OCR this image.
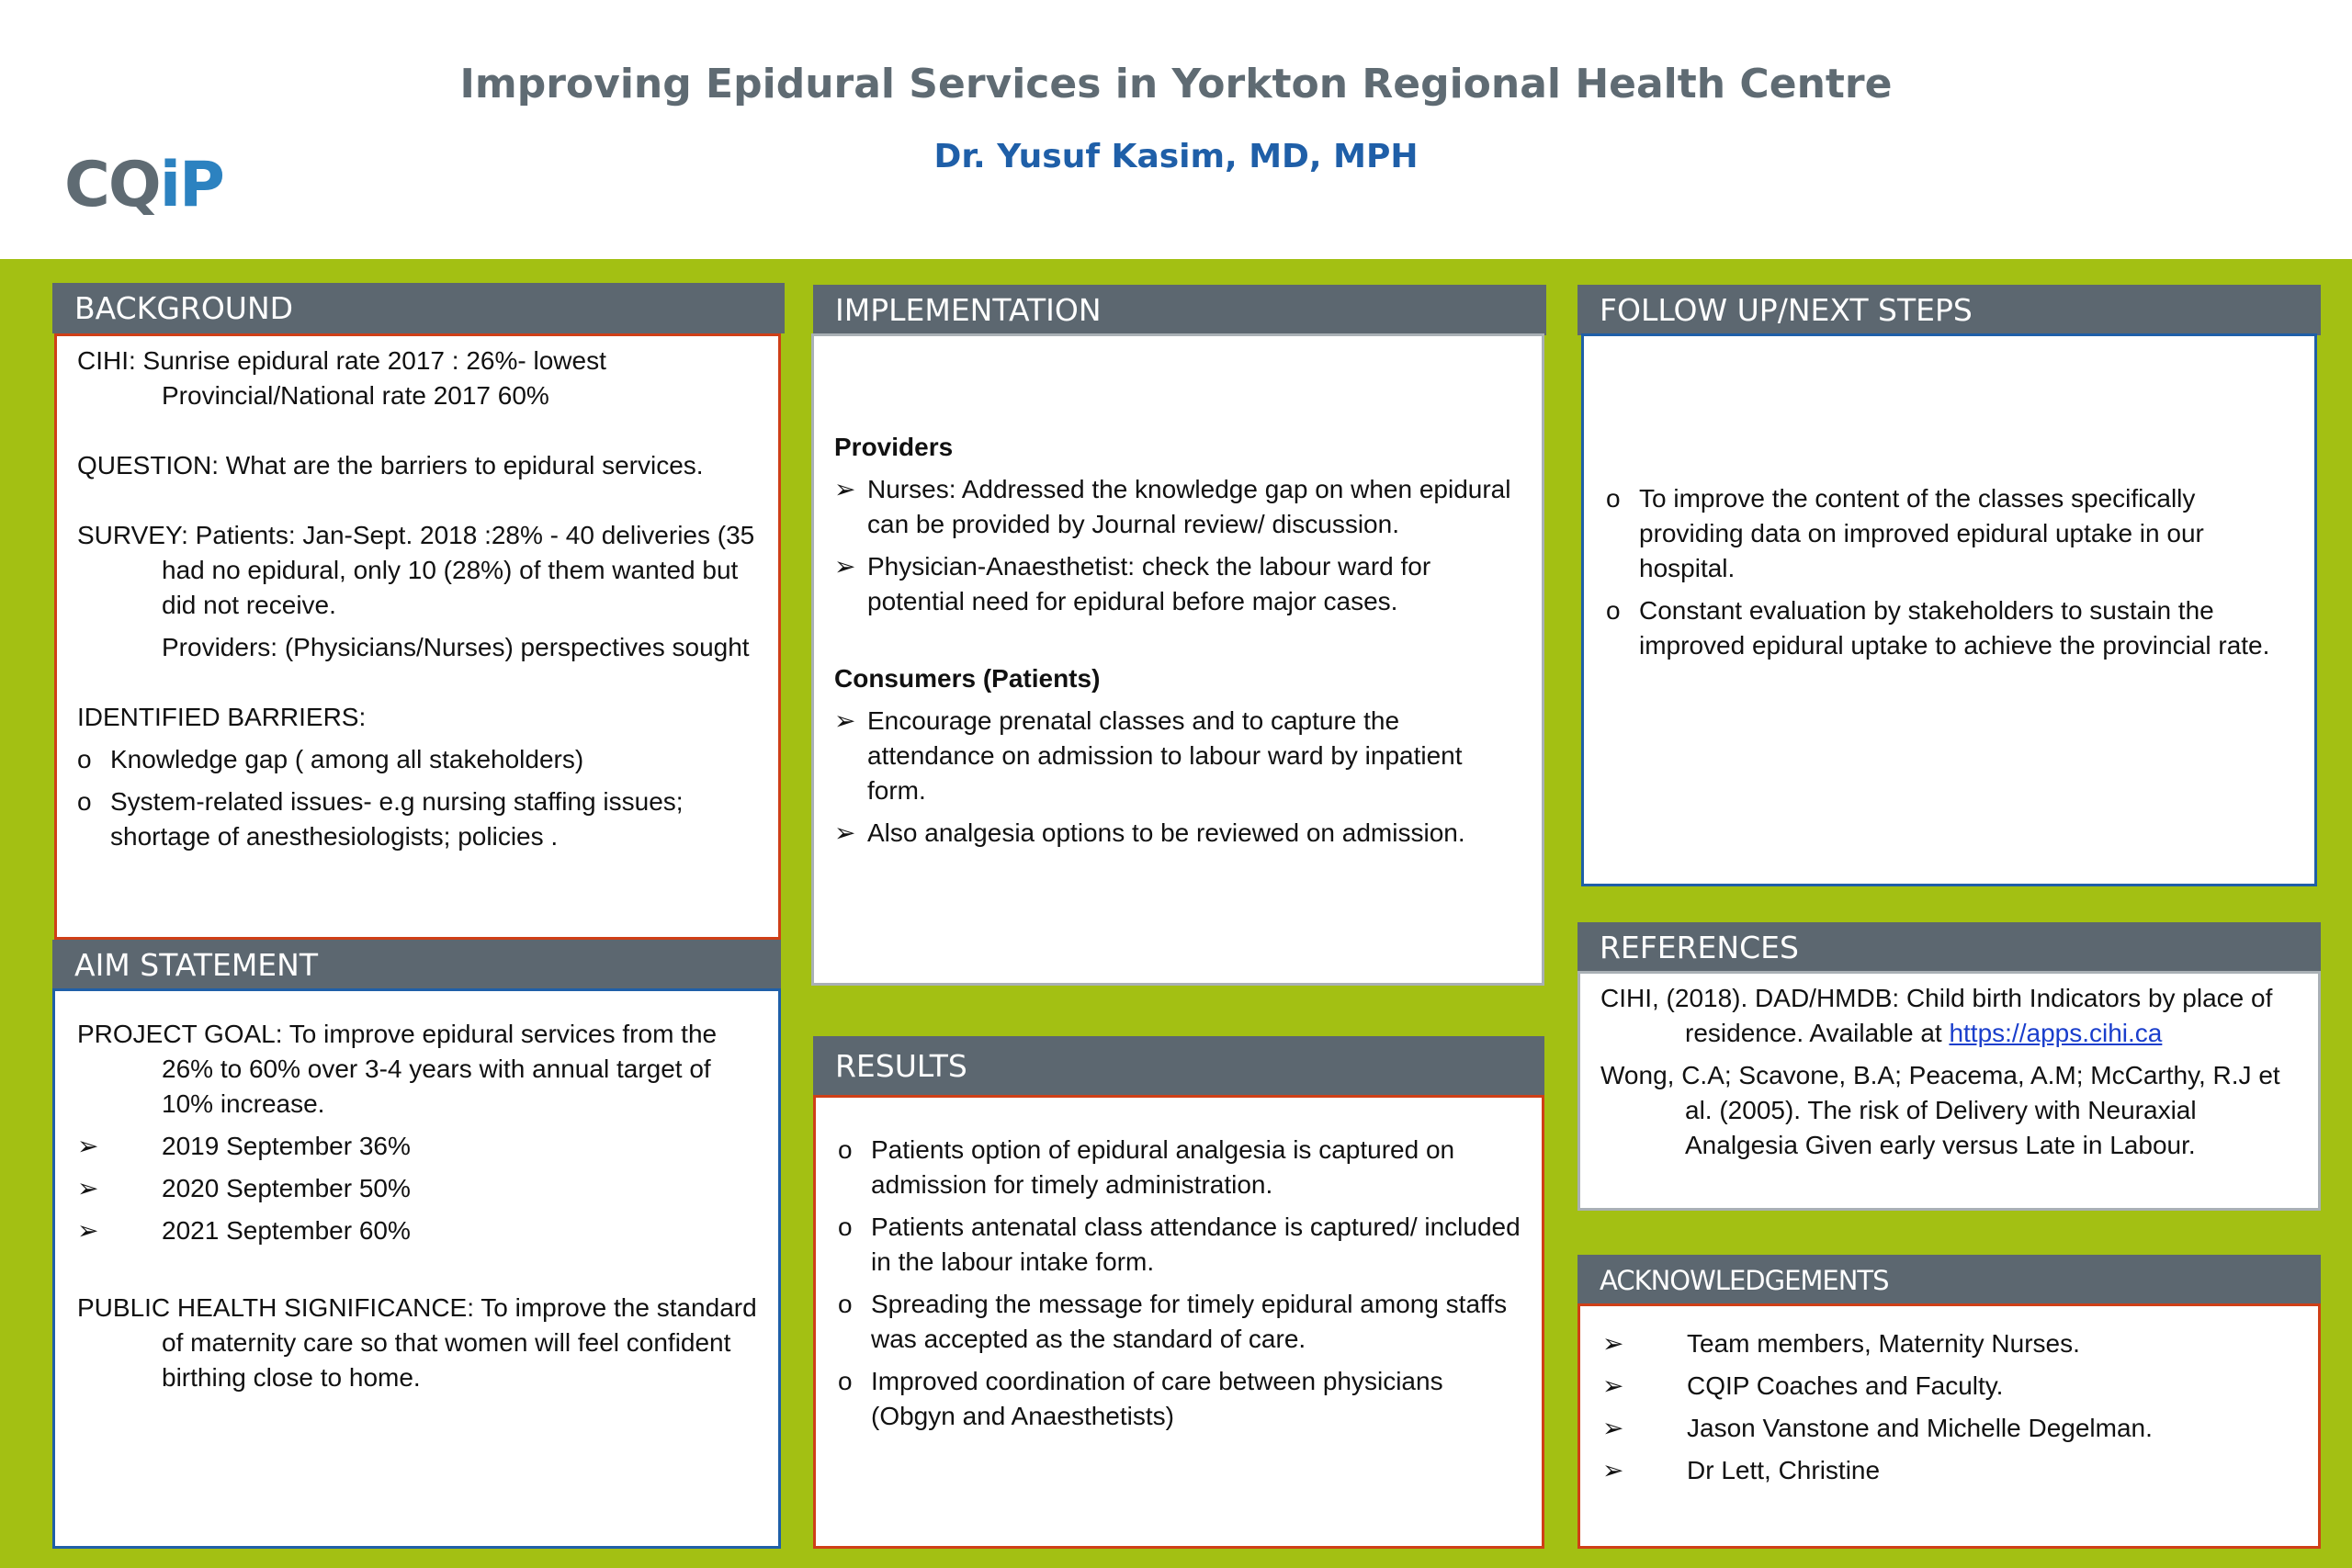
Improving Epidural Services in Yorkton Regional Health Centre
Dr. Yusuf Kasim, MD, MPH
CQiP
BACKGROUND

CIHI: Sunrise epidural rate 2017 : 26%- lowest

Provincial/National rate 2017 60%

QUESTION: What are the barriers to epidural services.

SURVEY: Patients: Jan-Sept. 2018 :28% - 40 deliveries (35 had no epidural, only 10 (28%) of them wanted but did not receive.

Providers: (Physicians/Nurses) perspectives sought

IDENTIFIED BARRIERS:

o Knowledge gap ( among all stakeholders)
o System-related issues- e.g nursing staffing issues; shortage of anesthesiologists; policies .
AIM STATEMENT

PROJECT GOAL: To improve epidural services from the 26% to 60% over 3-4 years with annual target of 10% increase.

➢	2019 September 36%
➢	2020 September 50%
➢	2021 September 60%

PUBLIC HEALTH SIGNIFICANCE: To improve the standard of maternity care so that women will feel confident birthing close to home.

IMPLEMENTATION

Providers

➢ Nurses: Addressed the knowledge gap on when epidural can be provided by Journal review/ discussion.
➢ Physician-Anaesthetist: check the labour ward for potential need for epidural before major cases.

Consumers (Patients)

➢ Encourage prenatal classes and to capture the attendance on admission to labour ward by inpatient form.
➢ Also analgesia options to be reviewed on admission.
RESULTS
o Patients option of epidural analgesia is captured on admission for timely administration.
o Patients antenatal class attendance is captured/ included in the labour intake form.
o Spreading the message for timely epidural among staffs was accepted as the standard of care.
o Improved coordination of care between physicians (Obgyn and Anaesthetists)
FOLLOW UP/NEXT STEPS
o To improve the content of the classes specifically providing data on improved epidural uptake in our hospital.
o Constant evaluation by stakeholders to sustain the improved epidural uptake to achieve the provincial rate.
REFERENCES

CIHI, (2018). DAD/HMDB: Child birth Indicators by place of residence. Available at https://apps.cihi.ca

Wong, C.A; Scavone, B.A; Peacema, A.M; McCarthy, R.J et al. (2005). The risk of Delivery with Neuraxial Analgesia Given early versus Late in Labour.

ACKNOWLEDGEMENTS
➢	Team members, Maternity Nurses.
➢	CQIP Coaches and Faculty.
➢	Jason Vanstone and Michelle Degelman.
➢	Dr Lett, Christine
